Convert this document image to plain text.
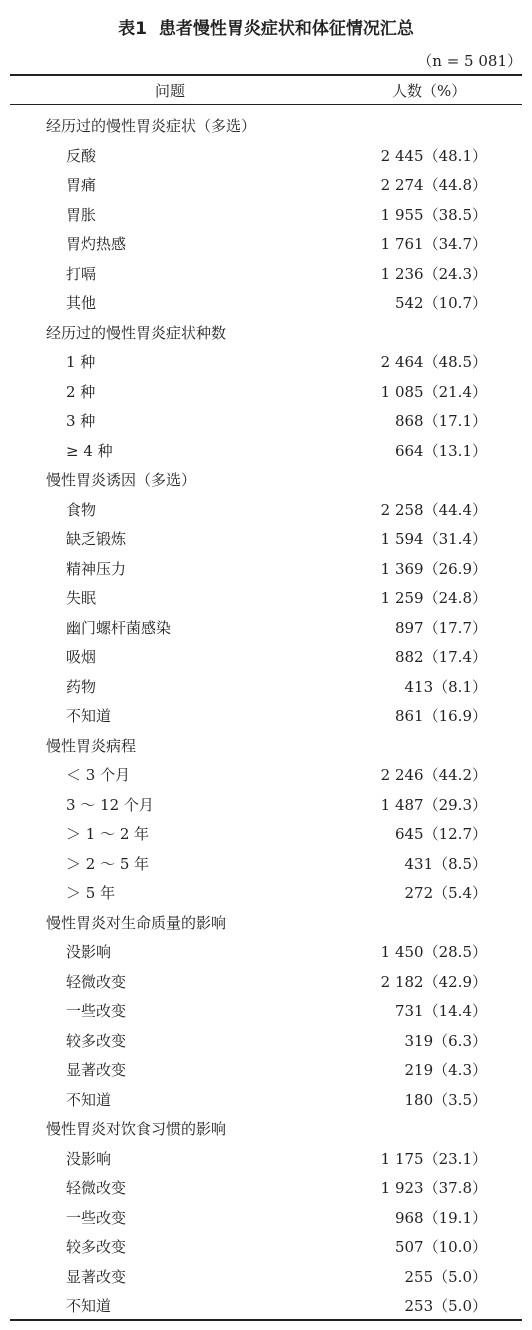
表1 患者慢性胃炎症状和体征情况汇总
（n = 5 081）
问题	人数（%）
经历过的慢性胃炎症状（多选）
反酸	2 445（48.1）
胃痛	2 274（44.8）
胃胀	1 955（38.5）
胃灼热感	1 761（34.7）
打嗝	1 236（24.3）
其他	542（10.7）
经历过的慢性胃炎症状种数
1 种	2 464（48.5）
2 种	1 085（21.4）
3 种	868（17.1）
≥ 4 种	664（13.1）
慢性胃炎诱因（多选）
食物	2 258（44.4）
缺乏锻炼	1 594（31.4）
精神压力	1 369（26.9）
失眠	1 259（24.8）
幽门螺杆菌感染	897（17.7）
吸烟	882（17.4）
药物	413（8.1）
不知道	861（16.9）
慢性胃炎病程
＜ 3 个月	2 246（44.2）
3 ～ 12 个月	1 487（29.3）
＞ 1 ～ 2 年	645（12.7）
＞ 2 ～ 5 年	431（8.5）
＞ 5 年	272（5.4）
慢性胃炎对生命质量的影响
没影响	1 450（28.5）
轻微改变	2 182（42.9）
一些改变	731（14.4）
较多改变	319（6.3）
显著改变	219（4.3）
不知道	180（3.5）
慢性胃炎对饮食习惯的影响
没影响	1 175（23.1）
轻微改变	1 923（37.8）
一些改变	968（19.1）
较多改变	507（10.0）
显著改变	255（5.0）
不知道	253（5.0）
